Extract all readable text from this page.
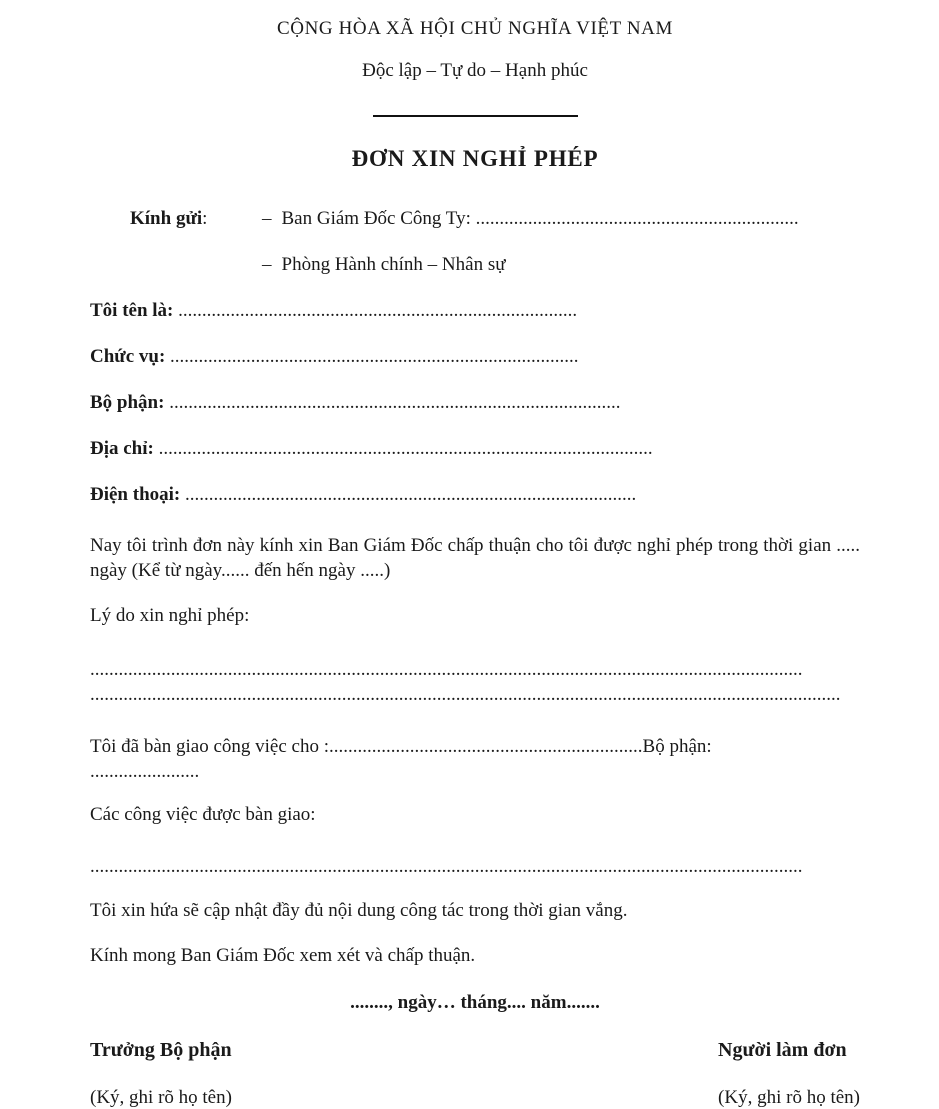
CỘNG HÒA XÃ HỘI CHỦ NGHĨA VIỆT NAM
Độc lập – Tự do – Hạnh phúc
ĐƠN XIN NGHỈ PHÉP
Kính gửi:	– Ban Giám Đốc Công Ty: ....................................................................
– Phòng Hành chính – Nhân sự
Tôi tên là: ....................................................................................
Chức vụ: ......................................................................................
Bộ phận: ...............................................................................................
Địa chỉ: ........................................................................................................
Điện thoại: ...............................................................................................
Nay tôi trình đơn này kính xin Ban Giám Đốc chấp thuận cho tôi được nghỉ phép trong thời gian ..... ngày (Kể từ ngày...... đến hến ngày .....)
Lý do xin nghỉ phép:
......................................................................................................................................................
..............................................................................................................................................................
Tôi đã bàn giao công việc cho :..................................................................Bộ phận:
.......................
Các công việc được bàn giao:
......................................................................................................................................................
Tôi xin hứa sẽ cập nhật đầy đủ nội dung công tác trong thời gian vắng.
Kính mong Ban Giám Đốc xem xét và chấp thuận.
........, ngày… tháng.... năm.......
Trưởng Bộ phận
(Ký, ghi rõ họ tên)
Người làm đơn
(Ký, ghi rõ họ tên)
